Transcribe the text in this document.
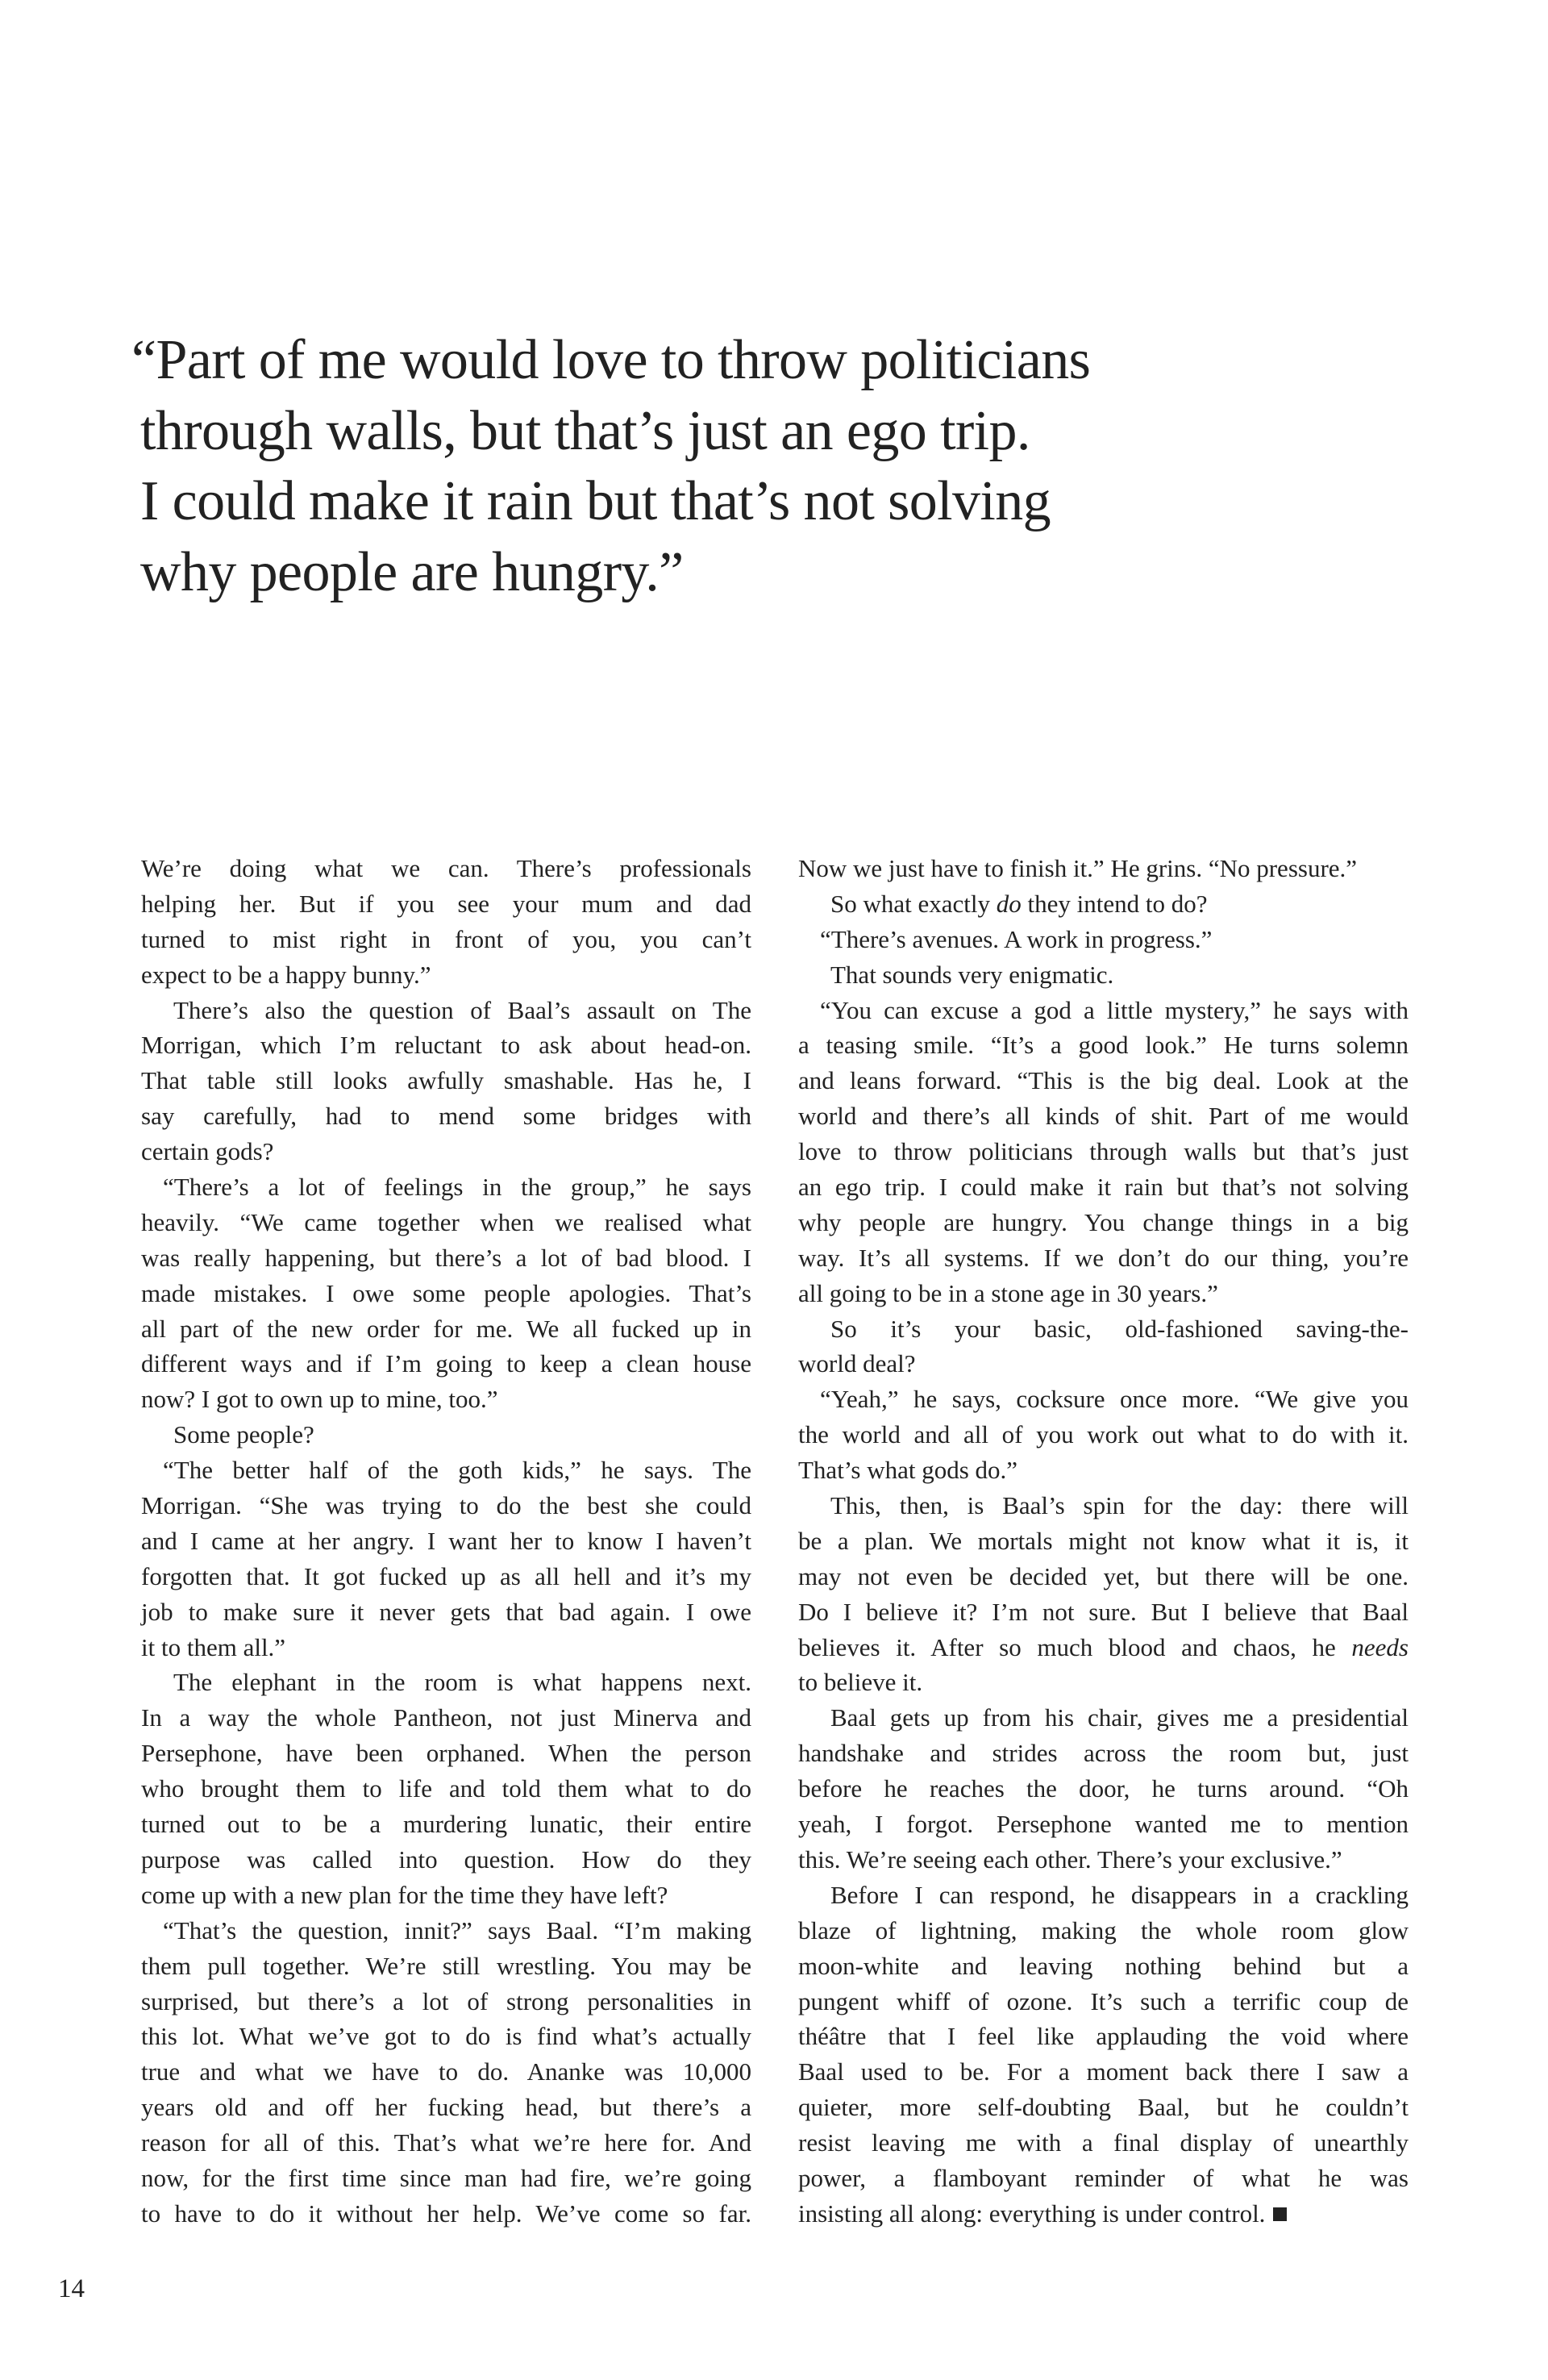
“Part of me would love to throw politicians
through walls, but that’s just an ego trip.
I could make it rain but that’s not solving
why people are hungry.”
We’re doing what we can. There’s professionals
helping her. But if you see your mum and dad
turned to mist right in front of you, you can’t
expect to be a happy bunny.”
There’s also the question of Baal’s assault on The
Morrigan, which I’m reluctant to ask about head-on.
That table still looks awfully smashable. Has he, I
say carefully, had to mend some bridges with
certain gods?
“There’s a lot of feelings in the group,” he says
heavily. “We came together when we realised what
was really happening, but there’s a lot of bad blood. I
made mistakes. I owe some people apologies. That’s
all part of the new order for me. We all fucked up in
different ways and if I’m going to keep a clean house
now? I got to own up to mine, too.”
Some people?
“The better half of the goth kids,” he says. The
Morrigan. “She was trying to do the best she could
and I came at her angry. I want her to know I haven’t
forgotten that. It got fucked up as all hell and it’s my
job to make sure it never gets that bad again. I owe
it to them all.”
The elephant in the room is what happens next.
In a way the whole Pantheon, not just Minerva and
Persephone, have been orphaned. When the person
who brought them to life and told them what to do
turned out to be a murdering lunatic, their entire
purpose was called into question. How do they
come up with a new plan for the time they have left?
“That’s the question, innit?” says Baal. “I’m making
them pull together. We’re still wrestling. You may be
surprised, but there’s a lot of strong personalities in
this lot. What we’ve got to do is find what’s actually
true and what we have to do. Ananke was 10,000
years old and off her fucking head, but there’s a
reason for all of this. That’s what we’re here for. And
now, for the first time since man had fire, we’re going
to have to do it without her help. We’ve come so far.
Now we just have to finish it.” He grins. “No pressure.”
So what exactly do they intend to do?
“There’s avenues. A work in progress.”
That sounds very enigmatic.
“You can excuse a god a little mystery,” he says with
a teasing smile. “It’s a good look.” He turns solemn
and leans forward. “This is the big deal. Look at the
world and there’s all kinds of shit. Part of me would
love to throw politicians through walls but that’s just
an ego trip. I could make it rain but that’s not solving
why people are hungry. You change things in a big
way. It’s all systems. If we don’t do our thing, you’re
all going to be in a stone age in 30 years.”
So it’s your basic, old-fashioned saving-the-
world deal?
“Yeah,” he says, cocksure once more. “We give you
the world and all of you work out what to do with it.
That’s what gods do.”
This, then, is Baal’s spin for the day: there will
be a plan. We mortals might not know what it is, it
may not even be decided yet, but there will be one.
Do I believe it? I’m not sure. But I believe that Baal
believes it. After so much blood and chaos, he needs
to believe it.
Baal gets up from his chair, gives me a presidential
handshake and strides across the room but, just
before he reaches the door, he turns around. “Oh
yeah, I forgot. Persephone wanted me to mention
this. We’re seeing each other. There’s your exclusive.”
Before I can respond, he disappears in a crackling
blaze of lightning, making the whole room glow
moon-white and leaving nothing behind but a
pungent whiff of ozone. It’s such a terrific coup de
théâtre that I feel like applauding the void where
Baal used to be. For a moment back there I saw a
quieter, more self-doubting Baal, but he couldn’t
resist leaving me with a final display of unearthly
power, a flamboyant reminder of what he was
insisting all along: everything is under control.
14
